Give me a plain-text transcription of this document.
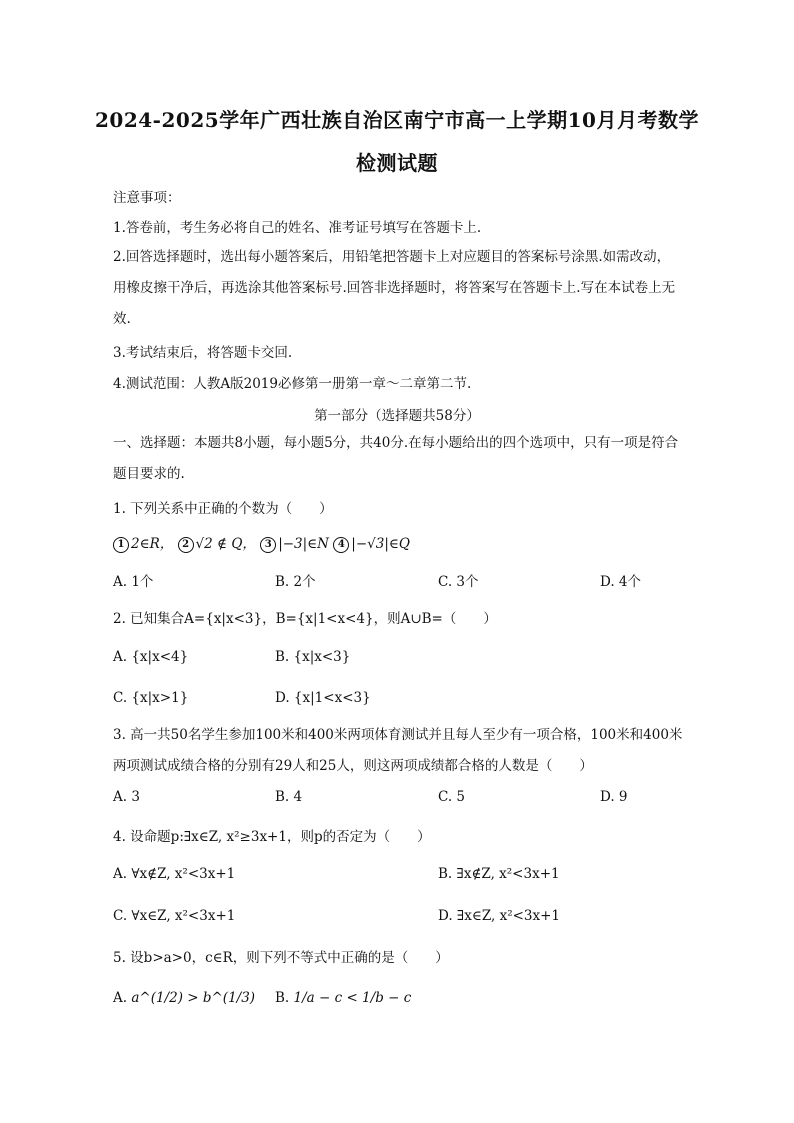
2024-2025学年广西壮族自治区南宁市高一上学期10月月考数学
检测试题
注意事项：
1.答卷前，考生务必将自己的姓名、准考证号填写在答题卡上.
2.回答选择题时，选出每小题答案后，用铅笔把答题卡上对应题目的答案标号涂黑.如需改动，用橡皮擦干净后，再选涂其他答案标号.回答非选择题时，将答案写在答题卡上.写在本试卷上无效.
3.考试结束后，将答题卡交回.
4.测试范围：人教A版2019必修第一册第一章～二章第二节.
第一部分（选择题共58分）
一、选择题：本题共8小题，每小题5分，共40分.在每小题给出的四个选项中，只有一项是符合题目要求的.
1. 下列关系中正确的个数为（　　）
1 2∈R， 2 √2 ∉ Q， 3 |−3|∈N 4 |−√3|∈Q
A. 1个	B. 2个	C. 3个	D. 4个
2. 已知集合A={x|x<3}，B={x|1<x<4}，则A∪B=（　　）
A. {x|x<4}	B. {x|x<3}
C. {x|x>1}	D. {x|1<x<3}
3. 高一共50名学生参加100米和400米两项体育测试并且每人至少有一项合格，100米和400米两项测试成绩合格的分别有29人和25人，则这两项成绩都合格的人数是（　　）
A. 3	B. 4	C. 5	D. 9
4. 设命题p:∃x∈Z, x²≥3x+1，则p的否定为（　　）
A. ∀x∉Z, x²<3x+1	B. ∃x∉Z, x²<3x+1
C. ∀x∈Z, x²<3x+1	D. ∃x∈Z, x²<3x+1
5. 设b>a>0，c∈R，则下列不等式中正确的是（　　）
A. a^(1/2) > b^(1/3) B. 1/a − c < 1/b − c
